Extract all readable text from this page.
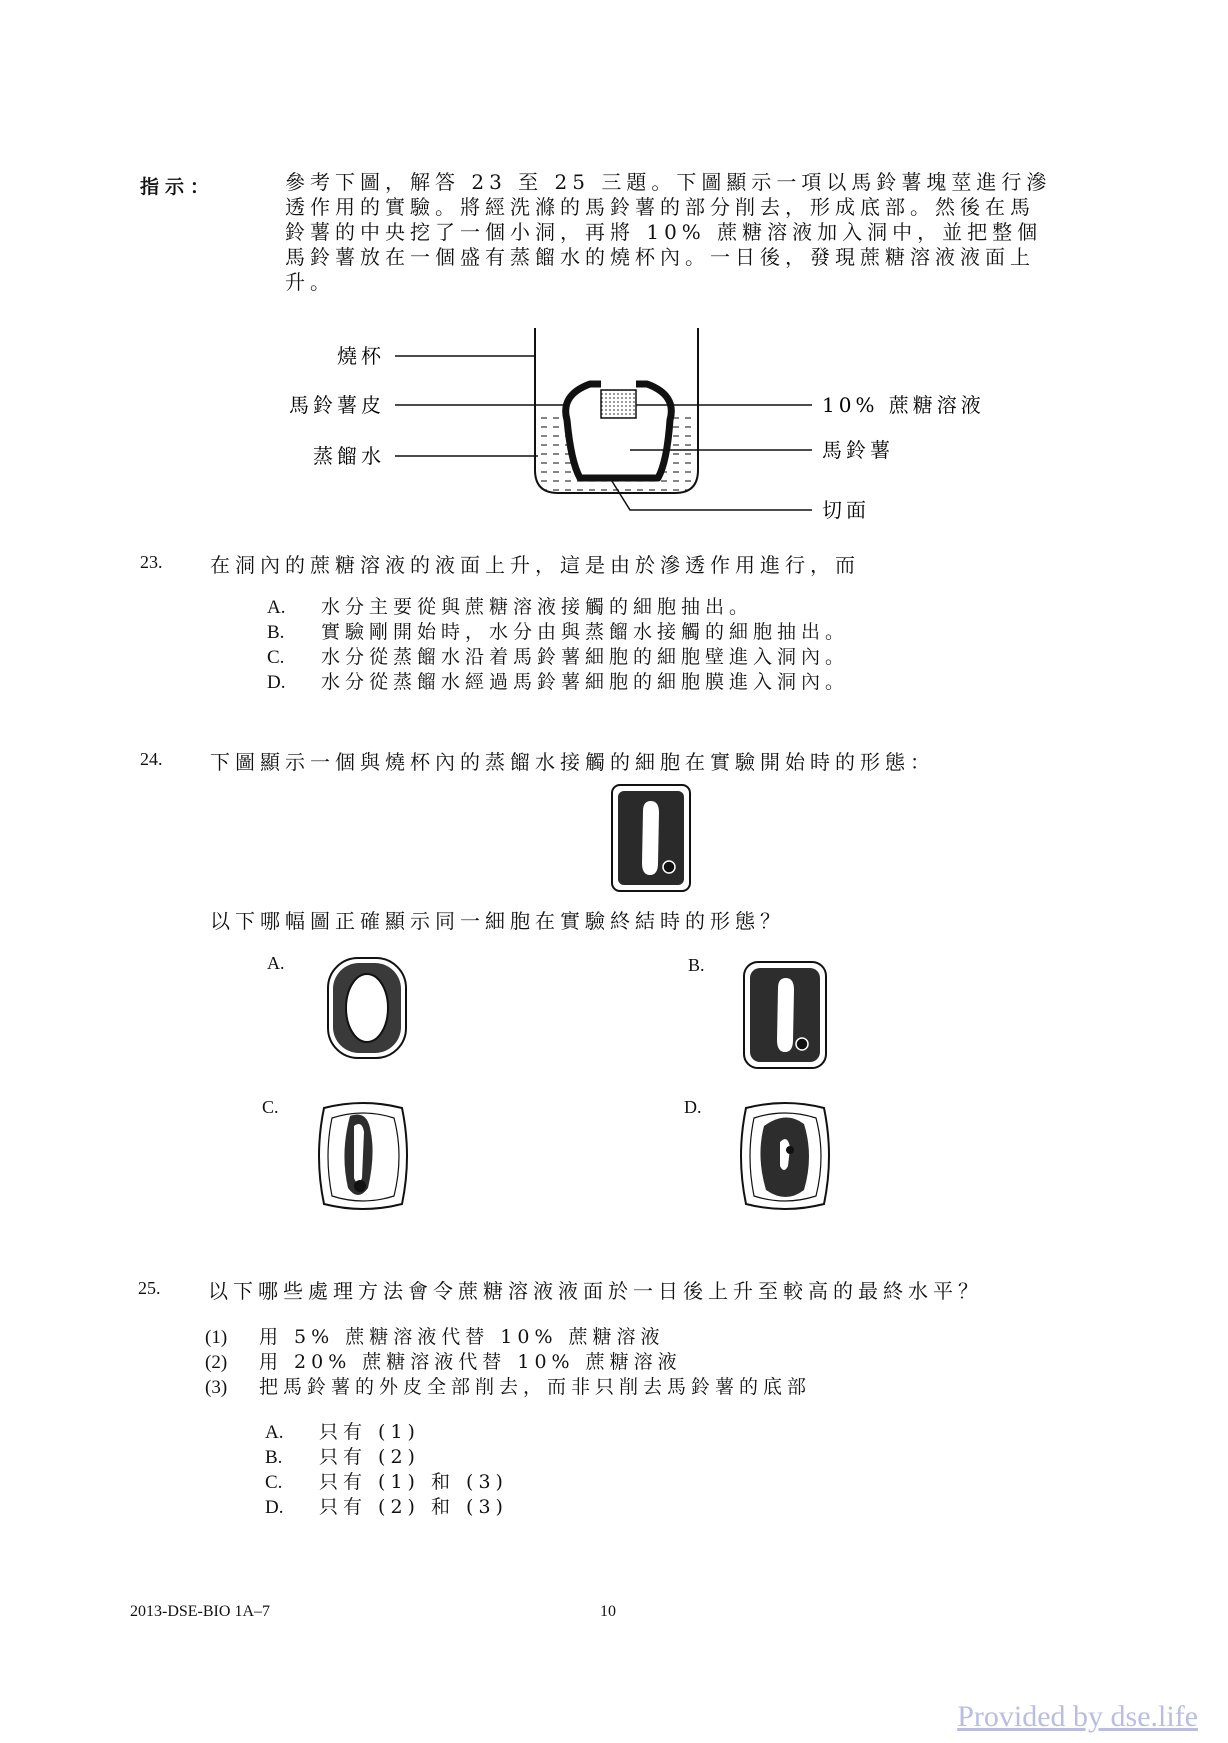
指示：	參考下圖，解答 23 至 25 三題。下圖顯示一項以馬鈴薯塊莖進行滲
透作用的實驗。將經洗滌的馬鈴薯的部分削去，形成底部。然後在馬
鈴薯的中央挖了一個小洞，再將 10% 蔗糖溶液加入洞中，並把整個
馬鈴薯放在一個盛有蒸餾水的燒杯內。一日後，發現蔗糖溶液液面上
升。
燒杯
馬鈴薯皮
蒸餾水
10% 蔗糖溶液
馬鈴薯
切面
23. 在洞內的蔗糖溶液的液面上升，這是由於滲透作用進行，而
A. 水分主要從與蔗糖溶液接觸的細胞抽出。
B. 實驗剛開始時，水分由與蒸餾水接觸的細胞抽出。
C. 水分從蒸餾水沿着馬鈴薯細胞的細胞壁進入洞內。
D. 水分從蒸餾水經過馬鈴薯細胞的細胞膜進入洞內。
24. 下圖顯示一個與燒杯內的蒸餾水接觸的細胞在實驗開始時的形態：
以下哪幅圖正確顯示同一細胞在實驗終結時的形態？
A.	B.
C.	D.
25. 以下哪些處理方法會令蔗糖溶液液面於一日後上升至較高的最終水平？
(1) 用 5% 蔗糖溶液代替 10% 蔗糖溶液
(2) 用 20% 蔗糖溶液代替 10% 蔗糖溶液
(3) 把馬鈴薯的外皮全部削去，而非只削去馬鈴薯的底部
A. 只有 (1)
B. 只有 (2)
C. 只有 (1) 和 (3)
D. 只有 (2) 和 (3)
2013-DSE-BIO 1A–7	10
Provided by dse.life
